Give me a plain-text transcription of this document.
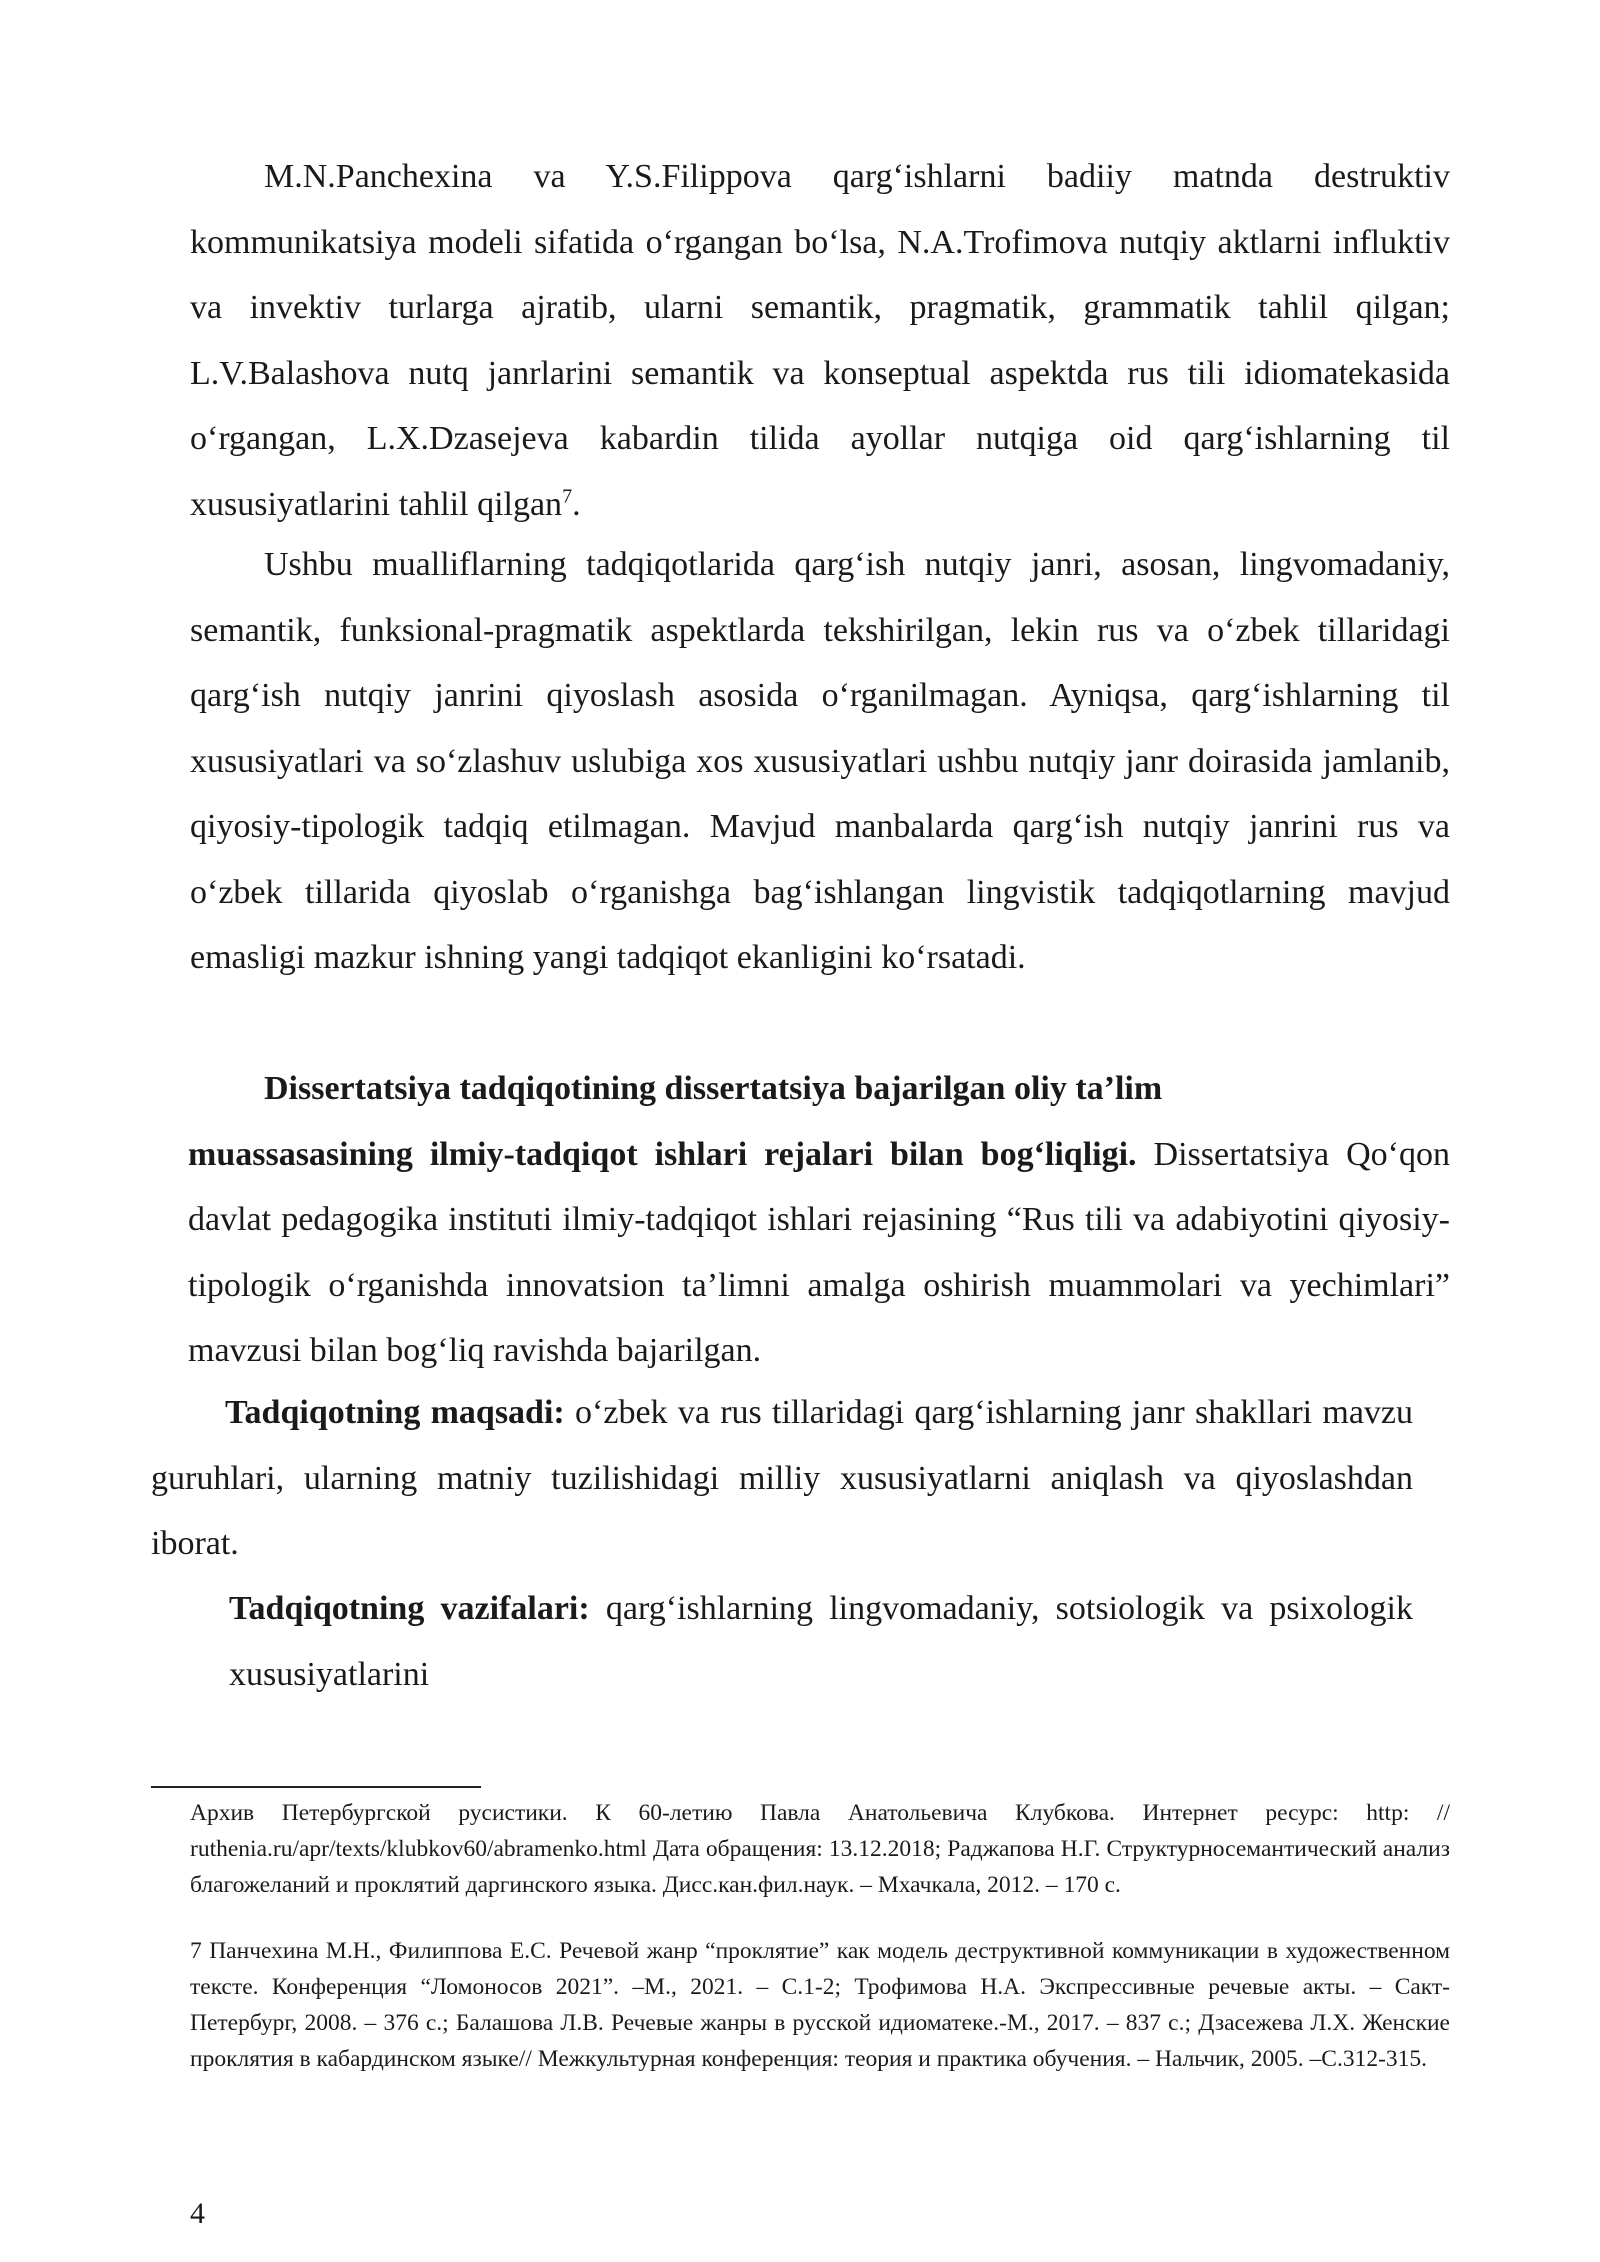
M.N.Panchexina va Y.S.Filippova qarg‘ishlarni badiiy matnda destruktiv kommunikatsiya modeli sifatida o‘rgangan bo‘lsa, N.A.Trofimova nutqiy aktlarni influktiv va invektiv turlarga ajratib, ularni semantik, pragmatik, grammatik tahlil qilgan; L.V.Balashova nutq janrlarini semantik va konseptual aspektda rus tili idiomatekasida o‘rgangan, L.X.Dzasejeva kabardin tilida ayollar nutqiga oid qarg‘ishlarning til xususiyatlarini tahlil qilgan$^7$.

Ushbu mualliflarning tadqiqotlarida qarg‘ish nutqiy janri, asosan, lingvomadaniy, semantik, funksional-pragmatik aspektlarda tekshirilgan, lekin rus va o‘zbek tillaridagi qarg‘ish nutqiy janrini qiyoslash asosida o‘rganilmagan. Ayniqsa, qarg‘ishlarning til xususiyatlari va so‘zlashuv uslubiga xos xususiyatlari ushbu nutqiy janr doirasida jamlanib, qiyosiy-tipologik tadqiq etilmagan. Mavjud manbalarda qarg‘ish nutqiy janrini rus va o‘zbek tillarida qiyoslab o‘rganishga bag‘ishlangan lingvistik tadqiqotlarning mavjud emasligi mazkur ishning yangi tadqiqot ekanligini ko‘rsatadi.

Dissertatsiya tadqiqotining dissertatsiya bajarilgan oliy ta’lim
muassasasining ilmiy-tadqiqot ishlari rejalari bilan bog‘liqligi. Dissertatsiya Qo‘qon davlat pedagogika instituti ilmiy-tadqiqot ishlari rejasining “Rus tili va adabiyotini qiyosiy-tipologik o‘rganishda innovatsion ta’limni amalga oshirish muammolari va yechimlari” mavzusi bilan bog‘liq ravishda bajarilgan.

Tadqiqotning maqsadi: o‘zbek va rus tillaridagi qarg‘ishlarning janr shakllari mavzu guruhlari, ularning matniy tuzilishidagi milliy xususiyatlarni aniqlash va qiyoslashdan iborat.

Tadqiqotning vazifalari: qarg‘ishlarning lingvomadaniy, sotsiologik va psixologik xususiyatlarini

Архив Петербургской русистики. К 60-летию Павла Анатольевича Клубкова. Интернет ресурс: http: // ruthenia.ru/apr/texts/klubkov60/abramenko.html Дата обращения: 13.12.2018; Раджапова Н.Г. Структурносемантический анализ благожеланий и проклятий даргинского языка. Дисс.кан.фил.наук. – Мхачкала, 2012. – 170 с.

7 Панчехина М.Н., Филиппова Е.С. Речевой жанр “проклятие” как модель деструктивной коммуникации в художественном тексте. Конференция “Ломоносов 2021”. –М., 2021. – С.1-2; Трофимова Н.А. Экспрессивные речевые акты. – Сакт-Петербург, 2008. – 376 с.; Балашова Л.В. Речевые жанры в русской идиоматеке.-М., 2017. – 837 с.; Дзасежева Л.Х. Женские проклятия в кабардинском языке// Межкультурная конференция: теория и практика обучения. – Нальчик, 2005. –С.312-315.

4
